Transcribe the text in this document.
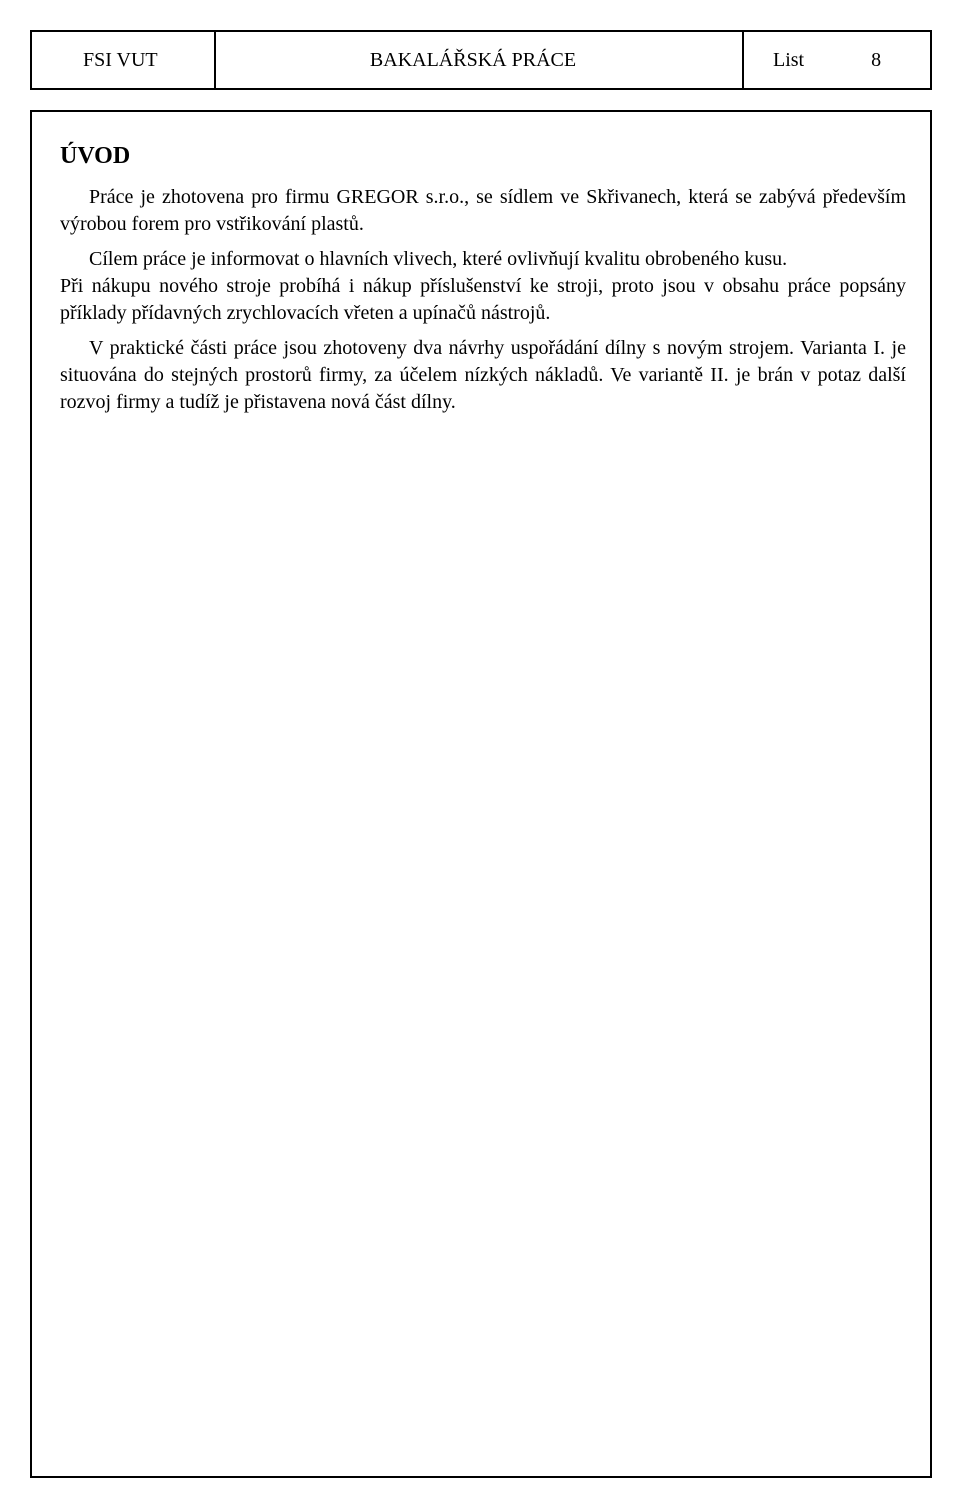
FSI VUT	BAKALÁŘSKÁ PRÁCE	List	8
ÚVOD

Práce je zhotovena pro firmu GREGOR s.r.o., se sídlem ve Skřivanech, která se zabývá především výrobou forem pro vstřikování plastů.

Cílem práce je informovat o hlavních vlivech, které ovlivňují kvalitu obrobeného kusu.

Při nákupu nového stroje probíhá i nákup příslušenství ke stroji, proto jsou v obsahu práce popsány příklady přídavných zrychlovacích vřeten a upínačů nástrojů.

V praktické části práce jsou zhotoveny dva návrhy uspořádání dílny s novým strojem. Varianta I. je situována do stejných prostorů firmy, za účelem nízkých nákladů. Ve variantě II. je brán v potaz další rozvoj firmy a tudíž je přistavena nová část dílny.
